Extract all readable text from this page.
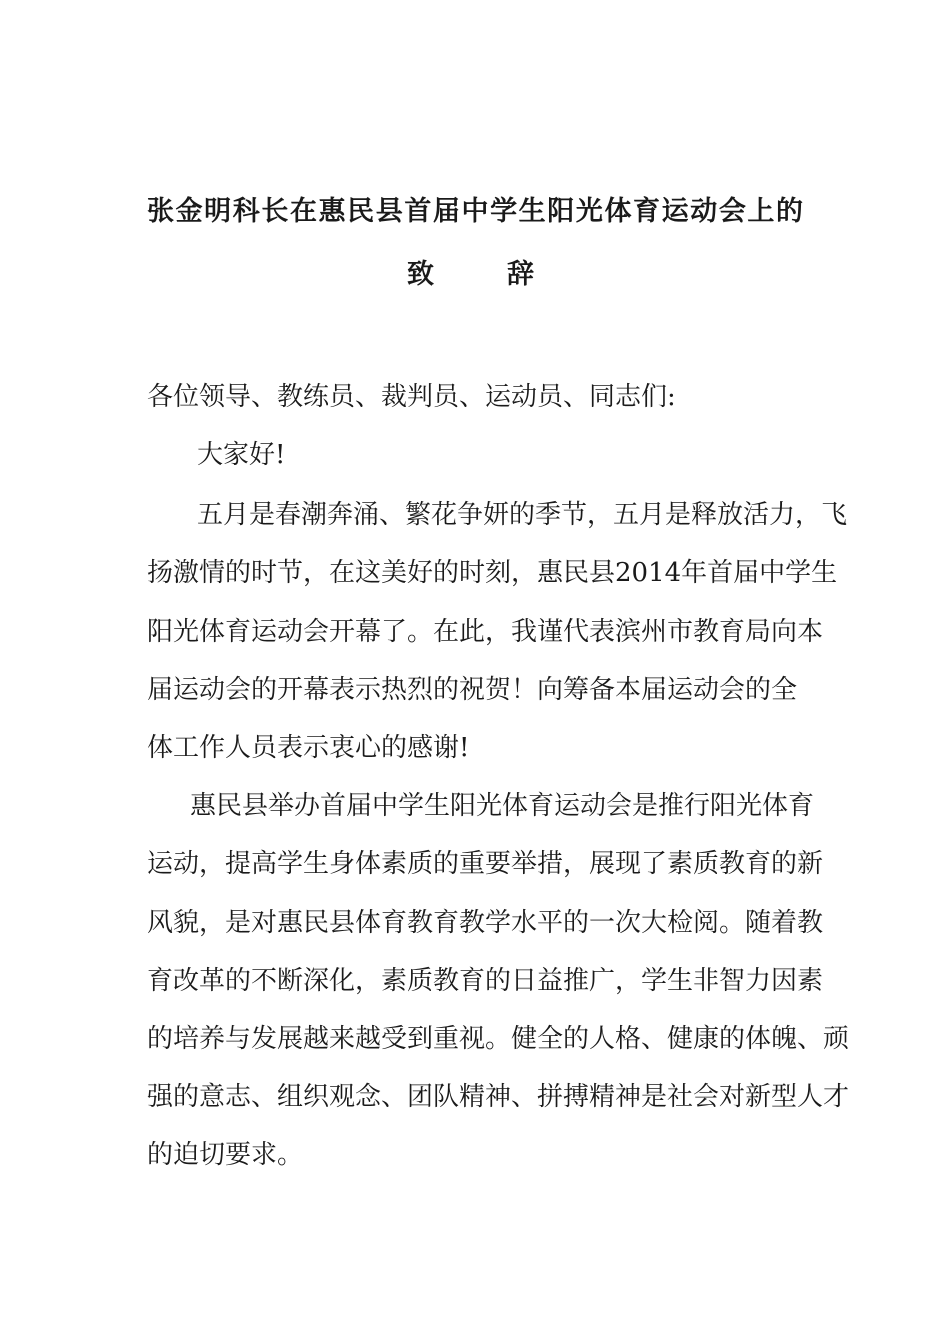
张金明科长在惠民县首届中学生阳光体育运动会上的
致	辞
各位领导、教练员、裁判员、运动员、同志们:
大家好!
五月是春潮奔涌、繁花争妍的季节，五月是释放活力，飞
扬激情的时节，在这美好的时刻，惠民县2014年首届中学生
阳光体育运动会开幕了。在此，我谨代表滨州市教育局向本
届运动会的开幕表示热烈的祝贺！向筹备本届运动会的全
体工作人员表示衷心的感谢!
惠民县举办首届中学生阳光体育运动会是推行阳光体育
运动，提高学生身体素质的重要举措，展现了素质教育的新
风貌，是对惠民县体育教育教学水平的一次大检阅。随着教
育改革的不断深化，素质教育的日益推广，学生非智力因素
的培养与发展越来越受到重视。健全的人格、健康的体魄、顽
强的意志、组织观念、团队精神、拼搏精神是社会对新型人才
的迫切要求。
